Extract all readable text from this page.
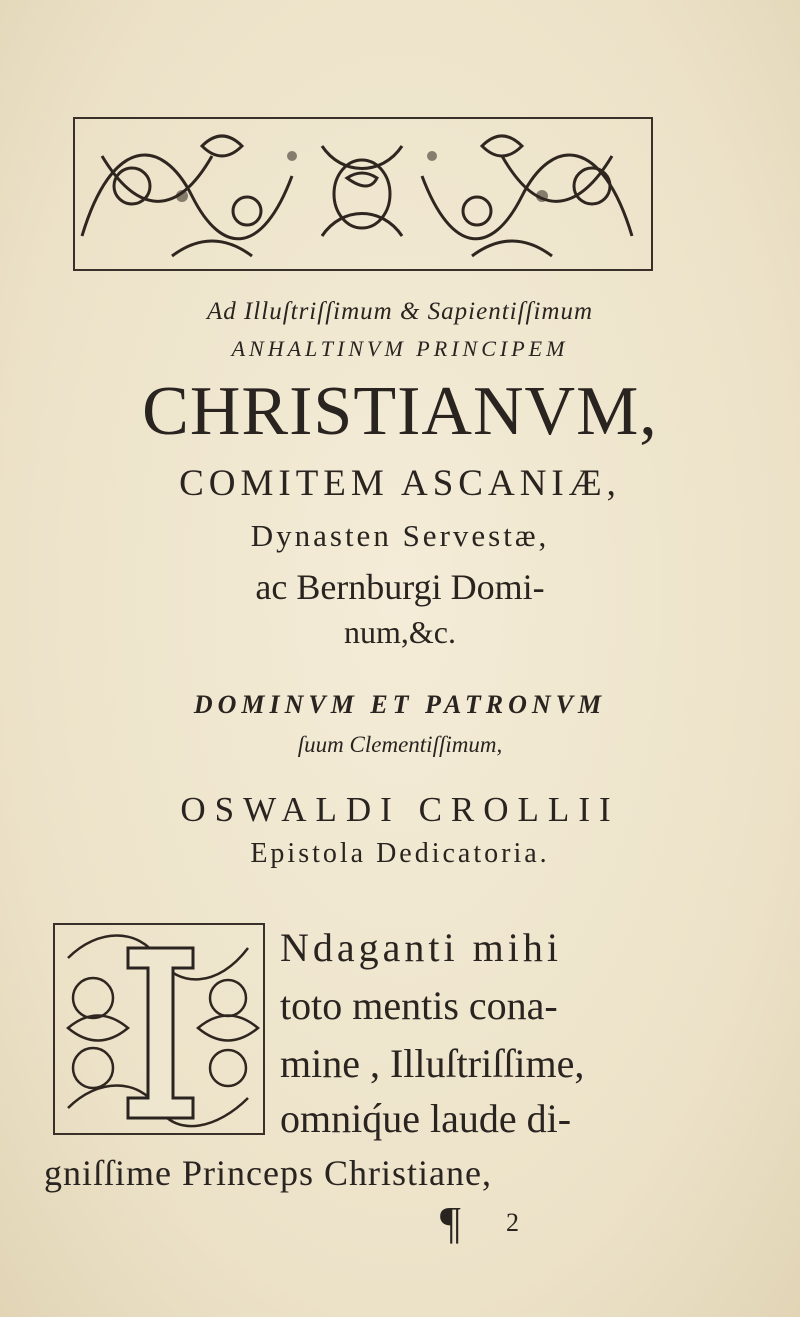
Ad Illuſtriſſimum & Sapientiſſimum
ANHALTINVM PRINCIPEM
CHRISTIANVM,
COMITEM ASCANIÆ,
Dynasten Servestæ,
ac Bernburgi Domi-
num,&c.
DOMINVM ET PATRONVM
ſuum Clementiſſimum,
OSWALDI CROLLII
Epistola Dedicatoria.
Ndaganti mihi
toto mentis cona-
mine , Illuſtriſſime,
omniq́ue laude di-
gniſſime Princeps Christiane,
¶ 2
